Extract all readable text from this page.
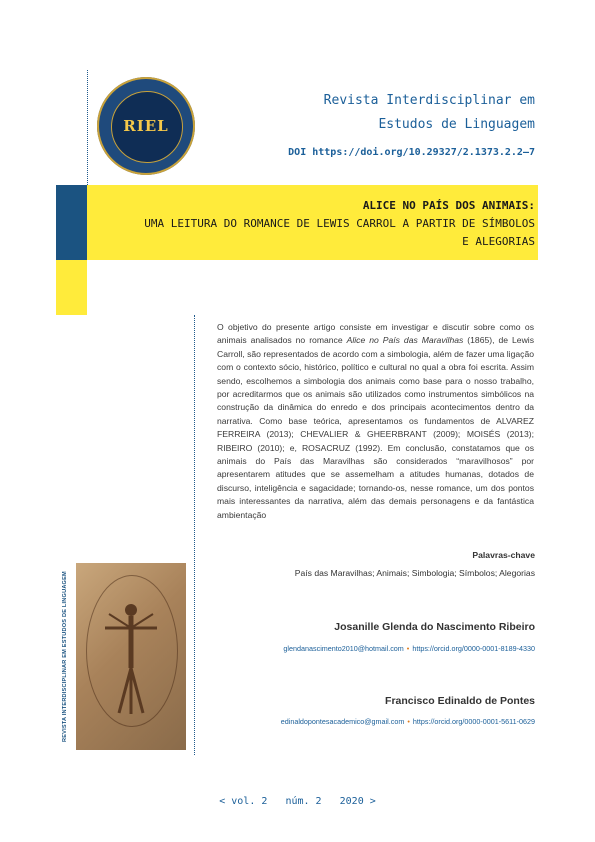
RIEL
Revista Interdisciplinar em
Estudos de Linguagem
DOI https://doi.org/10.29327/2.1373.2.2–7
ALICE NO PAÍS DOS ANIMAIS:
UMA LEITURA DO ROMANCE DE LEWIS CARROL A PARTIR DE SÍMBOLOS
E ALEGORIAS
O objetivo do presente artigo consiste em investigar e discutir sobre como os animais analisados no romance Alice no País das Maravilhas (1865), de Lewis Carroll, são representados de acordo com a simbologia, além de fazer uma ligação com o contexto sócio, histórico, político e cultural no qual a obra foi escrita. Assim sendo, escolhemos a simbologia dos animais como base para o nosso trabalho, por acreditarmos que os animais são utilizados como instrumentos simbólicos na construção da dinâmica do enredo e dos principais acontecimentos dentro da narrativa. Como base teórica, apresentamos os fundamentos de ALVAREZ FERREIRA (2013); CHEVALIER & GHEERBRANT (2009); MOISÉS (2013); RIBEIRO (2010); e, ROSACRUZ (1992). Em conclusão, constatamos que os animais do País das Maravilhas são considerados “maravilhosos” por apresentarem atitudes que se assemelham a atitudes humanas, dotados de discurso, inteligência e sagacidade; tornando-os, nesse romance, um dos pontos mais interessantes da narrativa, além das demais personagens e da fantástica ambientação
Palavras-chave
País das Maravilhas; Animais; Simbologia; Símbolos; Alegorias
Josanille Glenda do Nascimento Ribeiro
glendanascimento2010@hotmail.com • https://orcid.org/0000-0001-8189-4330
Francisco Edinaldo de Pontes
edinaldopontesacademico@gmail.com • https://orcid.org/0000-0001-5611-0629
REVISTA INTERDISCIPLINAR EM ESTUDOS DE LINGUAGEM
< vol. 2   núm. 2   2020 >
